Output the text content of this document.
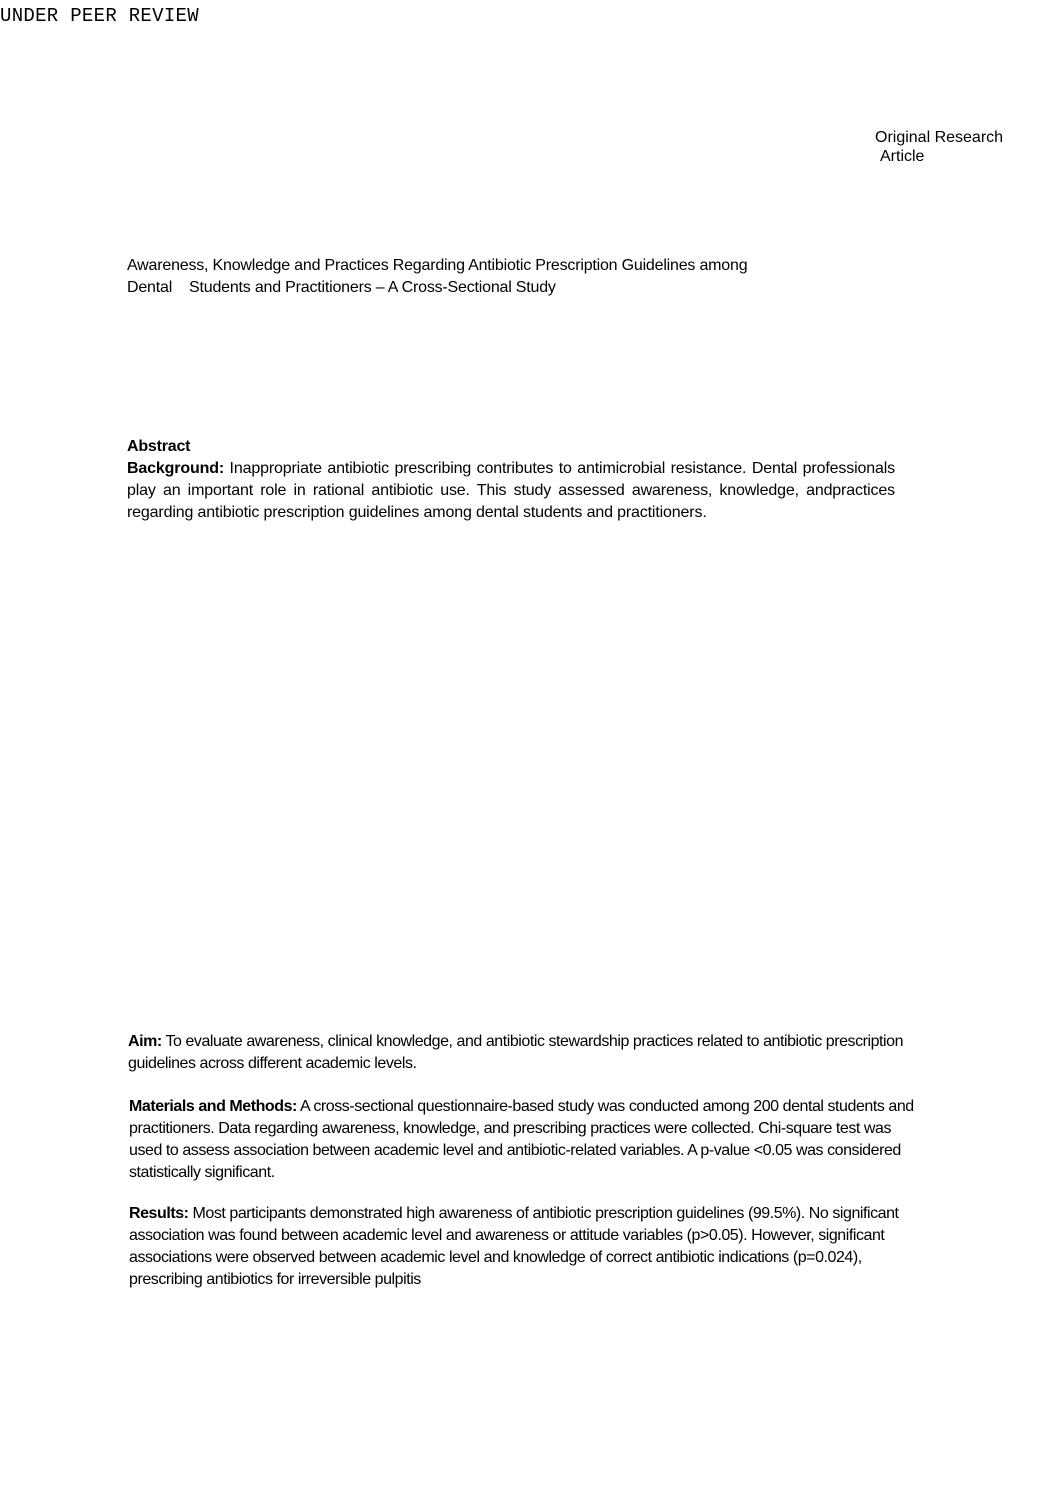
UNDER PEER REVIEW
Original Research
Article
Awareness, Knowledge and Practices Regarding Antibiotic Prescription Guidelines among
Dental    Students and Practitioners – A Cross-Sectional Study
Abstract

Background: Inappropriate antibiotic prescribing contributes to antimicrobial resistance. Dental professionals play an important role in rational antibiotic use. This study assessed awareness, knowledge, andpractices regarding antibiotic prescription guidelines among dental students and practitioners.

Aim: To evaluate awareness, clinical knowledge, and antibiotic stewardship practices related to antibiotic prescription guidelines across different academic levels.

Materials and Methods: A cross-sectional questionnaire-based study was conducted among 200 dental students and practitioners. Data regarding awareness, knowledge, and prescribing practices were collected. Chi-square test was used to assess association between academic level and antibiotic-related variables. A p-value <0.05 was considered statistically significant.

Results: Most participants demonstrated high awareness of antibiotic prescription guidelines (99.5%). No significant association was found between academic level and awareness or attitude variables (p>0.05). However, significant associations were observed between academic level and knowledge of correct antibiotic indications (p=0.024), prescribing antibiotics for irreversible pulpitis
